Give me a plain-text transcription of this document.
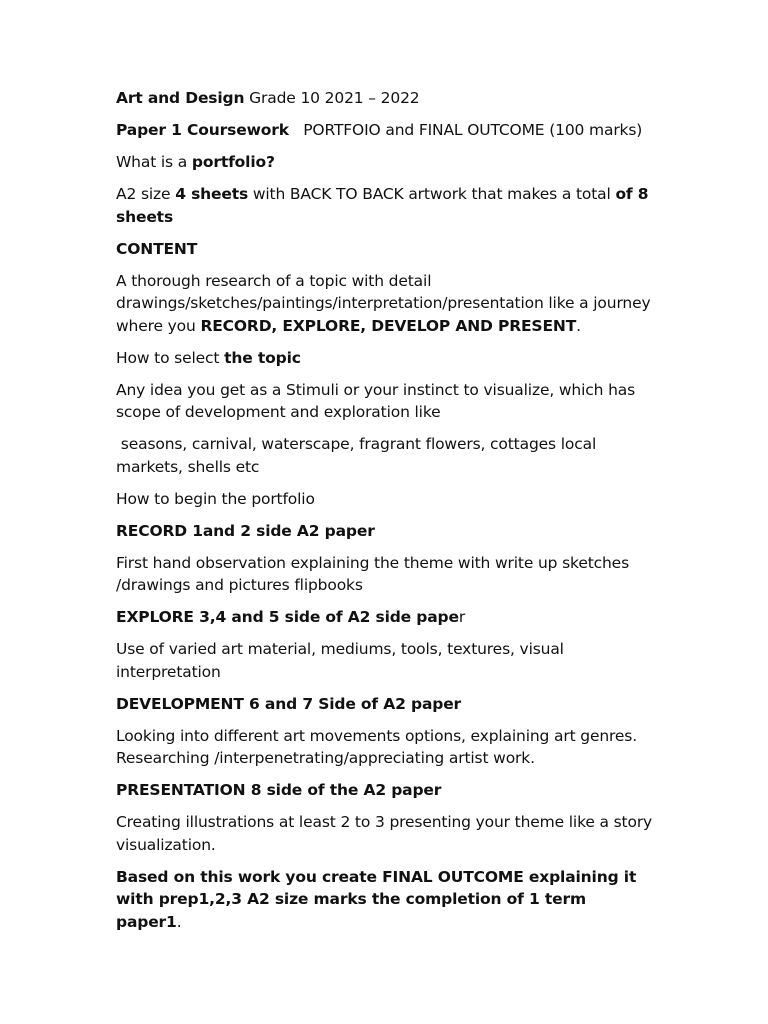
Art and Design Grade 10 2021 – 2022

Paper 1 Coursework   PORTFOIO and FINAL OUTCOME (100 marks)

What is a portfolio?

A2 size 4 sheets with BACK TO BACK artwork that makes a total of 8 sheets

CONTENT

A thorough research of a topic with detail drawings/sketches/paintings/interpretation/presentation like a journey where you RECORD, EXPLORE, DEVELOP AND PRESENT.

How to select the topic

Any idea you get as a Stimuli or your instinct to visualize, which has scope of development and exploration like

seasons, carnival, waterscape, fragrant flowers, cottages local markets, shells etc

How to begin the portfolio

RECORD 1and 2 side A2 paper

First hand observation explaining the theme with write up sketches /drawings and pictures flipbooks

EXPLORE 3,4 and 5 side of A2 side paper

Use of varied art material, mediums, tools, textures, visual interpretation

DEVELOPMENT 6 and 7 Side of A2 paper

Looking into different art movements options, explaining art genres. Researching /interpenetrating/appreciating artist work.

PRESENTATION 8 side of the A2 paper

Creating illustrations at least 2 to 3 presenting your theme like a story visualization.

Based on this work you create FINAL OUTCOME explaining it with prep1,2,3 A2 size marks the completion of 1 term paper1.
